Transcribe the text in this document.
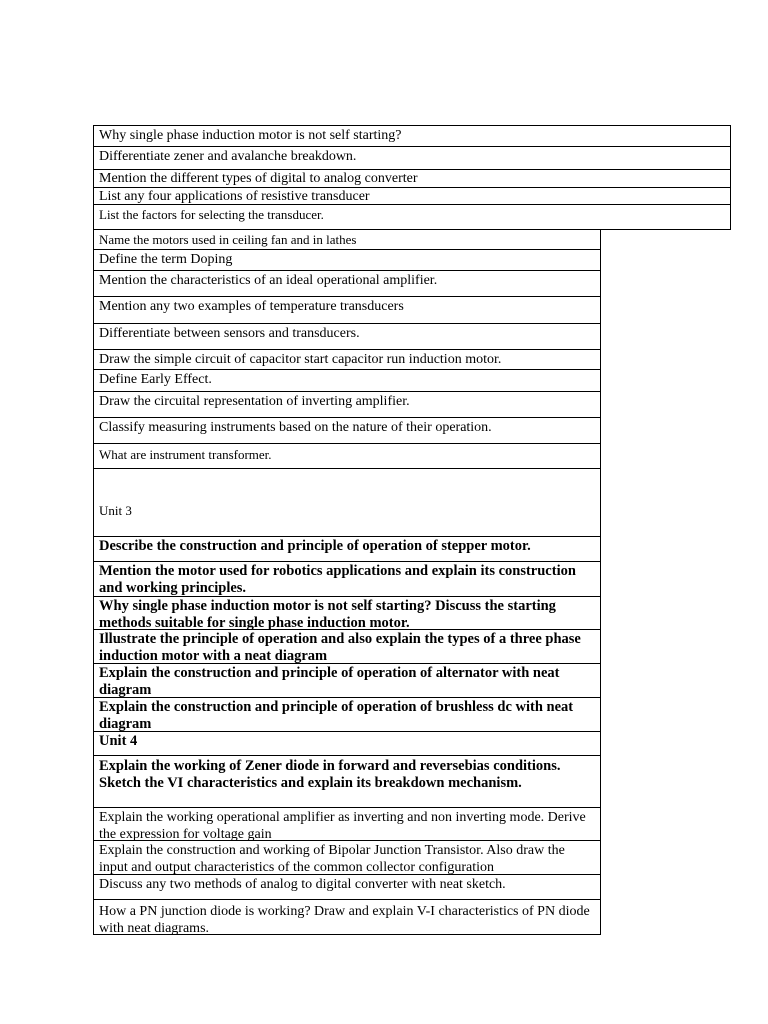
Why single phase induction motor is not self starting?
Differentiate zener and avalanche breakdown.
Mention the different types of digital to analog converter
List any four applications of resistive transducer
List the factors for selecting the transducer.
Name the motors used in ceiling fan and in lathes
Define the term Doping
Mention the characteristics of an ideal operational amplifier.
Mention any two examples of temperature transducers
Differentiate between sensors and transducers.
Draw the simple circuit of capacitor start capacitor run induction motor.
Define Early Effect.
Draw the circuital representation of inverting amplifier.
Classify measuring instruments based on the nature of their operation.
What are instrument transformer.
Unit 3
Describe the construction and principle of operation of stepper motor.
Mention the motor used for robotics applications and explain its construction and working principles.
Why single phase induction motor is not self starting? Discuss the starting methods suitable for single phase induction motor.
Illustrate the principle of operation and also explain the types of a three phase induction motor with a neat diagram
Explain the construction and principle of operation of alternator with neat diagram
Explain the construction and principle of operation of brushless dc with neat diagram
Unit 4
Explain the working of Zener diode in forward and reversebias conditions. Sketch the VI characteristics and explain its breakdown mechanism.
Explain the working operational amplifier as inverting and non inverting mode. Derive the expression for voltage gain
Explain the construction and working of Bipolar Junction Transistor. Also draw the input and output characteristics of the common collector configuration
Discuss any two methods of analog to digital converter with neat sketch.
How a PN junction diode is working? Draw and explain V-I characteristics of PN diode with neat diagrams.
